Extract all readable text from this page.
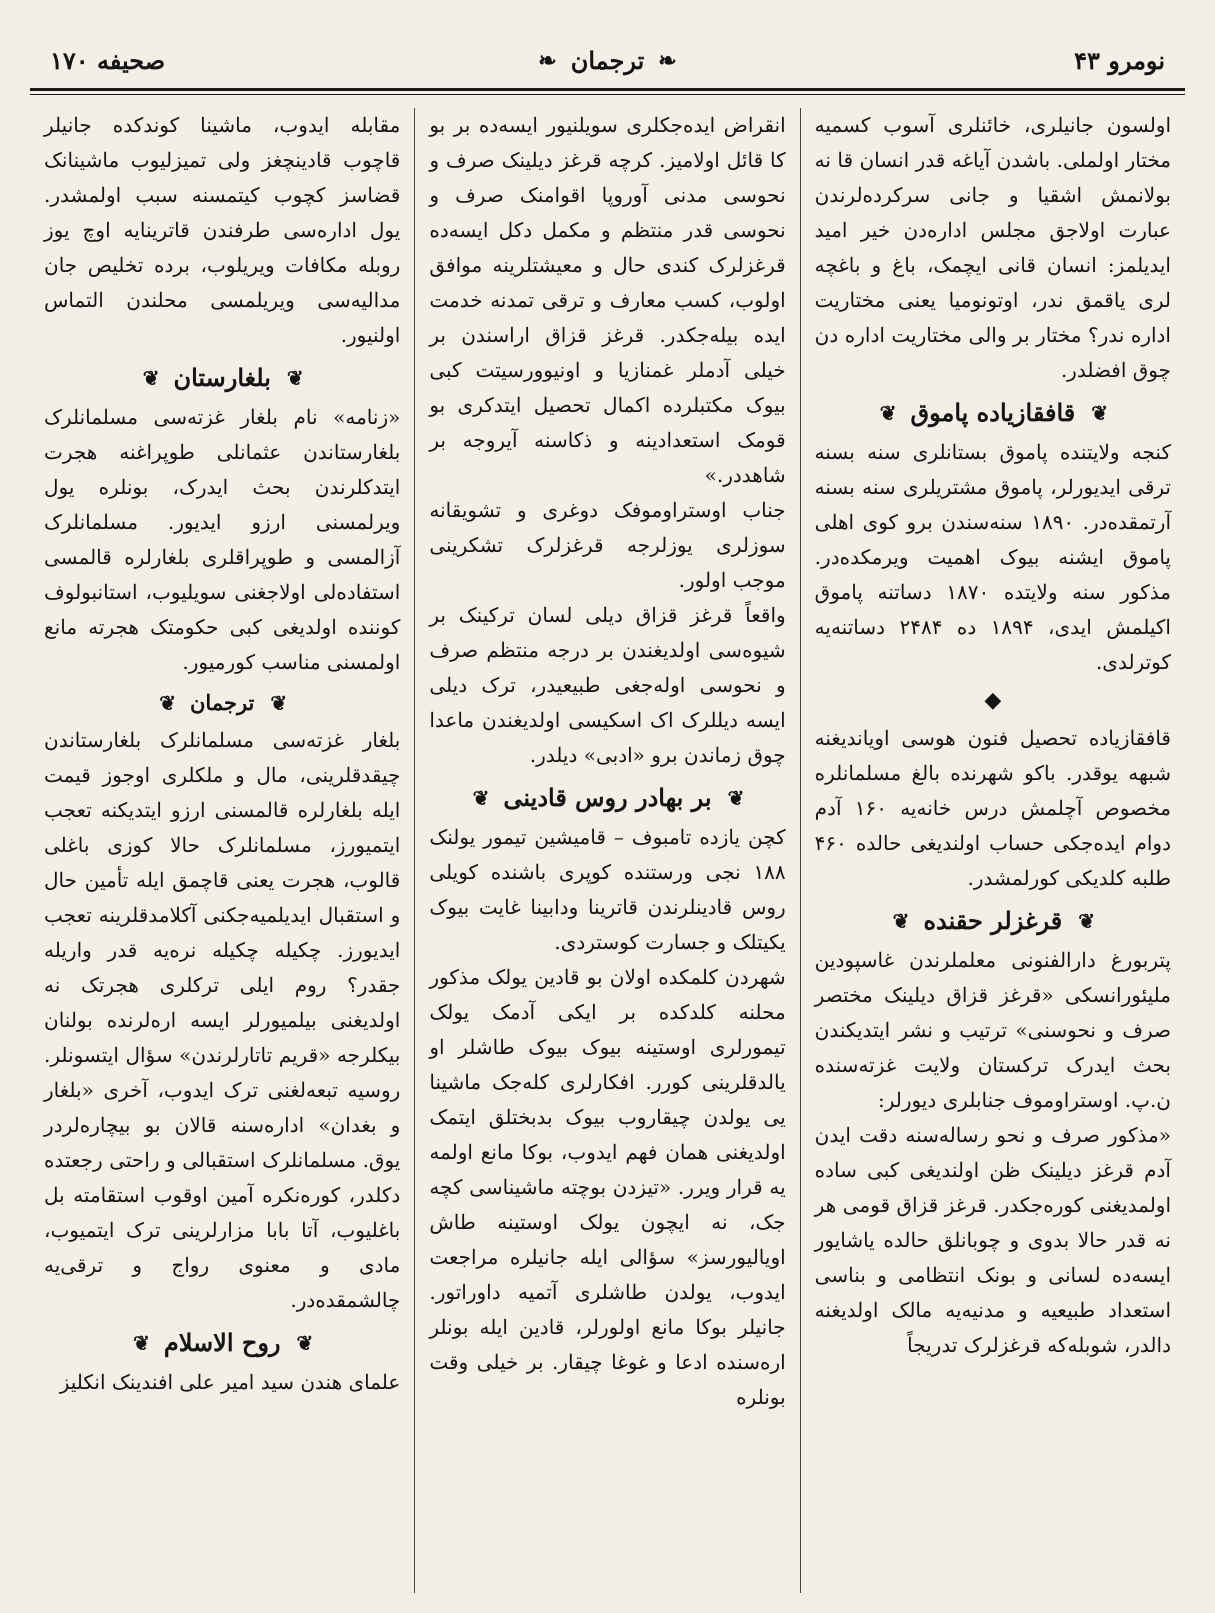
صحيفه ۱۷۰	❧
ترجمان
❧	نومرو ۴۳

اولسون جانيلری، خائنلری آسوب کسمیه مختار اولملی. باشدن آیاغه قدر انسان قا نه بولانمش اشقیا و جانی سرکرده‌لرندن عبارت اولاجق مجلس اداره‌دن خير اميد ايديلمز: انسان قانی ايچمک، باغ و باغچه لری یاقمق ندر، اوتونومیا یعنی مختاریت اداره ندر؟ مختار بر والی مختاریت اداره دن چوق افضلدر.

❦
قافقازياده پاموق
❦

کنجه ولایتنده پاموق بستانلری سنه بسنه ترقی ایدیورلر، پاموق مشتریلری سنه بسنه آرتمقده‌در. ۱۸۹۰ سنه‌سندن برو کوی اهلی پاموق ایشنه بیوک اهمیت ویرمکده‌در. مذکور سنه ولایتده ۱۸۷۰ دساتنه پاموق اکیلمش ایدی، ۱۸۹۴ ده ۲۴۸۴ دساتنه‌یه کوترلدی.

◆

قافقازياده تحصیل فنون هوسی اویاندیغنه شبهه یوقدر. باکو شهرنده بالغ مسلمانلره مخصوص آچلمش درس خانه‌یه ۱۶۰ آدم دوام ایده‌جکی حساب اولندیغی حالده ۴۶۰ طلبه کلدیکی کورلمشدر.

❦
قرغزلر حقنده
❦

پتربورغ دارالفنونی معلملرندن غاسپودین ملیئورانسکی «قرغز قزاق دیلینک مختصر صرف و نحوسنی» ترتیب و نشر ایتدیکندن بحث ایدرک ترکستان ولایت غزته‌سنده ن.پ. اوستراوموف جنابلری دیورلر:

«مذکور صرف و نحو رساله‌سنه دقت ایدن آدم قرغز دیلینک ظن اولندیغی کبی ساده اولمدیغنی کوره‌جکدر. قرغز قزاق قومی هر نه قدر حالا بدوی و چوبانلق حالده یاشایور ایسه‌ده لسانی و بونک انتظامی و بناسی استعداد طبیعیه و مدنیه‌یه مالک اولدیغنه دالدر، شوبله‌که قرغزلرک تدریجاً

انقراض ایده‌جکلری سویلنیور ایسه‌ده بر بو کا قائل اولامیز. کرچه قرغز دیلینک صرف و نحوسی مدنی آوروپا اقوامنک صرف و نحوسی قدر منتظم و مکمل دکل ایسه‌ده قرغزلرک کندی حال و معیشتلرینه موافق اولوب، کسب معارف و ترقی تمدنه خدمت ایده بیله‌جکدر. قرغز قزاق اراسندن بر خیلی آدملر غمنازیا و اونیوورسیتت کبی بیوک مکتبلرده اکمال تحصیل ایتدکری بو قومک استعدادینه و ذکاسنه آیروجه بر شاهددر.»

جناب اوستراوموفک دوغری و تشویقانه سوزلری یوزلرجه قرغزلرک تشکرینی موجب اولور.

واقعاً قرغز قزاق دیلی لسان ترکینک بر شیوه‌سی اولدیغندن بر درجه منتظم صرف و نحوسی اوله‌جغی طبیعیدر، ترک دیلی ایسه دیللرک اک اسکیسی اولدیغندن ماعدا چوق زماندن برو «ادبی» دیلدر.

❦
بر بهادر روس قادینی
❦

کچن یازده تامبوف – قامیشین تیمور یولنک ۱۸۸ نجی ورستنده کوپری باشنده کویلی روس قادینلرندن قاترینا ودابینا غایت بیوک یکیتلک و جسارت کوستردی.

شهردن کلمکده اولان بو قادین یولک مذکور محلنه کلدکده بر ایکی آدمک یولک تیمورلری اوستینه بیوک بیوک طاشلر او یالدقلرینی کورر. افکارلری کله‌جک ماشینا یی یولدن چیقاروب بیوک بدبختلق ایتمک اولدیغنی همان فهم ایدوب، بوکا مانع اولمه یه قرار ویرر. «تیزدن بوچته ماشیناسی کچه جک، نه ایچون یولک اوستینه طاش اویالیورسز» سؤالی ایله جانیلره مراجعت ایدوب، یولدن طاشلری آتمیه داوراتور. جانیلر بوکا مانع اولورلر، قادین ایله بونلر اره‌سنده ادعا و غوغا چیقار. بر خیلی وقت بونلره

مقابله ایدوب، ماشینا کوندکده جانیلر قاچوب قادینچغز ولی تمیزلیوب ماشینانک قضاسز کچوب کیتمسنه سبب اولمشدر. یول اداره‌سی طرفندن قاترینایه اوچ یوز روبله مکافات ویریلوب، برده تخلیص جان مدالیه‌سی ویریلمسی محلندن التماس اولنیور.

❦
بلغارستان
❦

«زنامه» نام بلغار غزته‌سی مسلمانلرک بلغارستاندن عثمانلی طوپراغنه هجرت ایتدکلرندن بحث ایدرک، بونلره یول ویرلمسنی ارزو ایدیور. مسلمانلرک آزالمسی و طوپراقلری بلغارلره قالمسی استفاده‌لی اولاجغنی سویلیوب، استانبولوف کوننده اولدیغی کبی حکومتک هجرته مانع اولمسنی مناسب کورمیور.

❦
ترجمان
❦

بلغار غزته‌سی مسلمانلرک بلغارستاندن چیقدقلرینی، مال و ملکلری اوجوز قیمت ایله بلغارلره قالمسنی ارزو ایتدیکنه تعجب ایتمیورز، مسلمانلرک حالا کوزی باغلی قالوب، هجرت یعنی قاچمق ایله تأمین حال و استقبال ایدیلمیه‌جکنی آکلامدقلرینه تعجب ایدیورز. چکیله چکیله نره‌یه قدر واریله جقدر؟ روم ایلی ترکلری هجرتک نه اولدیغنی بیلمیورلر ایسه اره‌لرنده بولنان بیکلرجه «قریم تاتارلرندن» سؤال ایتسونلر. روسیه تبعه‌لغنی ترک ایدوب، آخری «بلغار و بغدان» اداره‌سنه قالان بو بیچاره‌لردر یوق. مسلمانلرک استقبالی و راحتی رجعتده دکلدر، کوره‌نکره آمین اوقوب استقامته بل باغلیوب، آتا بابا مزارلرینی ترک ایتمیوب، مادی و معنوی رواج و ترقی‌یه چالشمقده‌در.

❦
روح الاسلام
❦

علمای هندن سید امیر علی افندینک انکلیز
